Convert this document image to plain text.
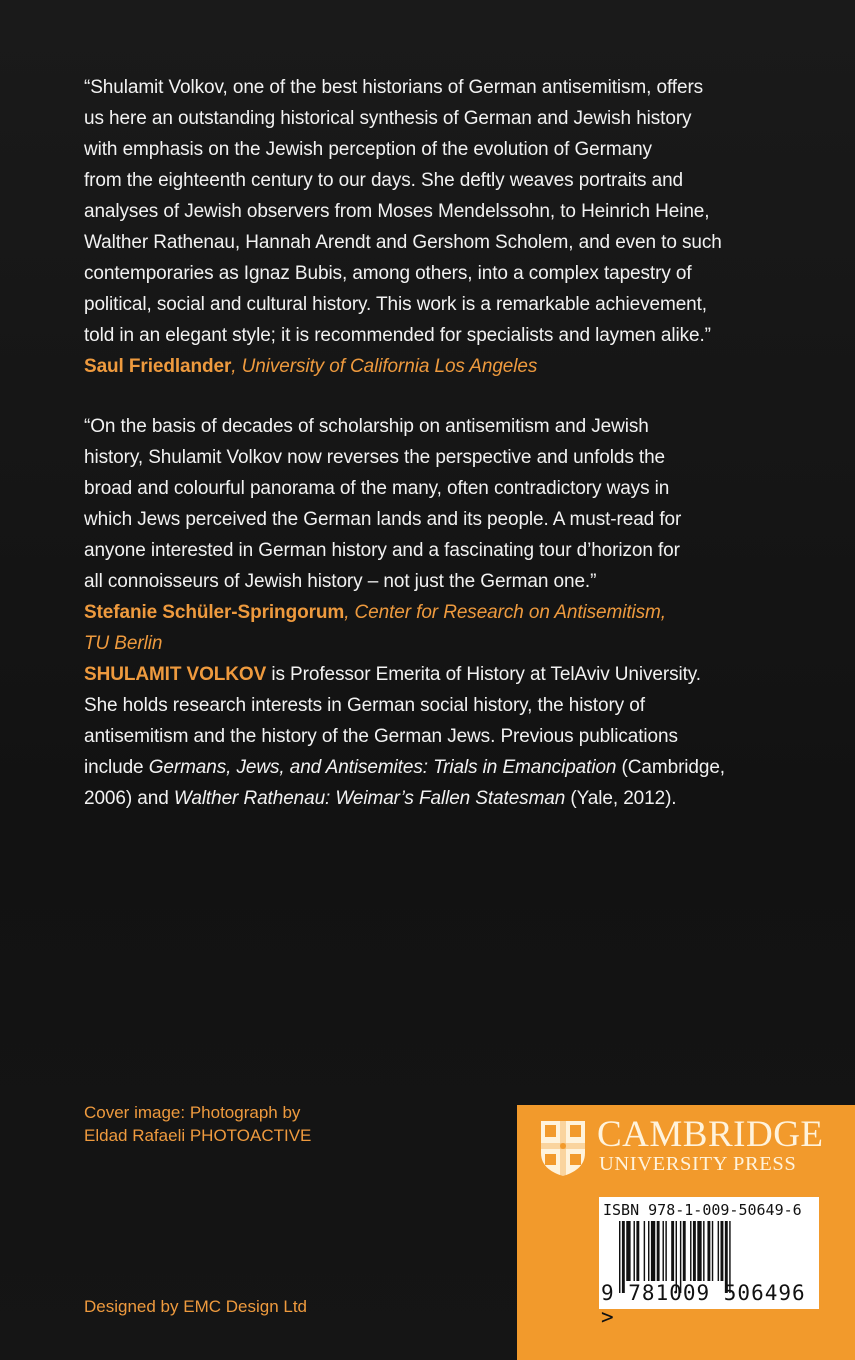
“Shulamit Volkov, one of the best historians of German antisemitism, offers
us here an outstanding historical synthesis of German and Jewish history
with emphasis on the Jewish perception of the evolution of Germany
from the eighteenth century to our days. She deftly weaves portraits and
analyses of Jewish observers from Moses Mendelssohn, to Heinrich Heine,
Walther Rathenau, Hannah Arendt and Gershom Scholem, and even to such
contemporaries as Ignaz Bubis, among others, into a complex tapestry of
political, social and cultural history. This work is a remarkable achievement,
told in an elegant style; it is recommended for specialists and laymen alike.”
Saul Friedlander, University of California Los Angeles
“On the basis of decades of scholarship on antisemitism and Jewish
history, Shulamit Volkov now reverses the perspective and unfolds the
broad and colourful panorama of the many, often contradictory ways in
which Jews perceived the German lands and its people. A must-read for
anyone interested in German history and a fascinating tour d’horizon for
all connoisseurs of Jewish history – not just the German one.”
Stefanie Schüler-Springorum, Center for Research on Antisemitism,
TU Berlin
SHULAMIT VOLKOV is Professor Emerita of History at TelAviv University.
She holds research interests in German social history, the history of
antisemitism and the history of the German Jews. Previous publications
include Germans, Jews, and Antisemites: Trials in Emancipation (Cambridge,
2006) and Walther Rathenau: Weimar’s Fallen Statesman (Yale, 2012).
Cover image: Photograph by
Eldad Rafaeli PHOTOACTIVE
Designed by EMC Design Ltd
CAMBRIDGE
UNIVERSITY PRESS
ISBN 978-1-009-50649-6
9 781009 506496 >
